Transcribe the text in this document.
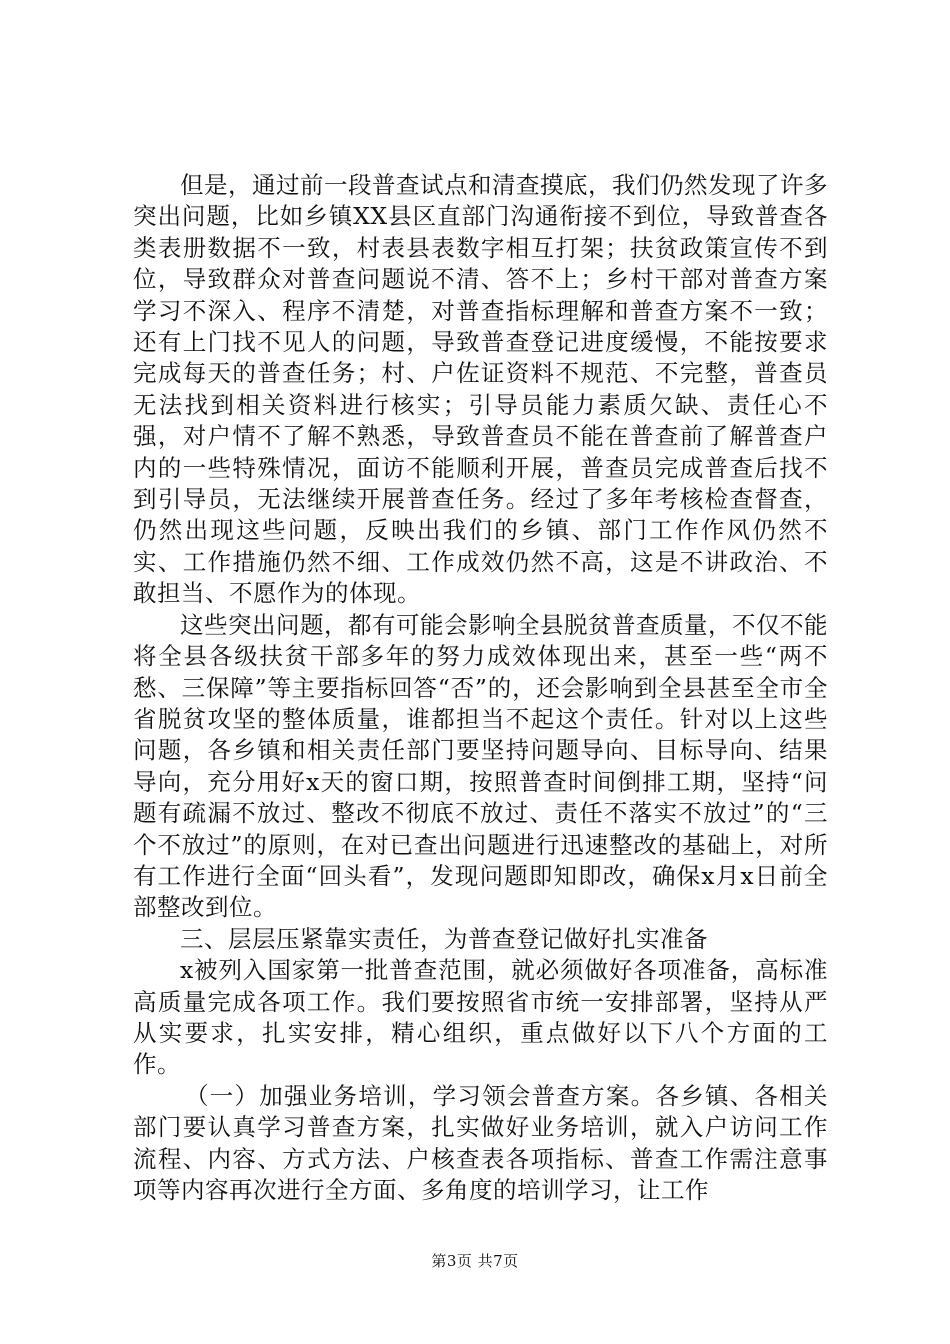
但是，通过前一段普查试点和清查摸底，我们仍然发现了许多突出问题，比如乡镇XX县区直部门沟通衔接不到位，导致普查各类表册数据不一致，村表县表数字相互打架；扶贫政策宣传不到位，导致群众对普查问题说不清、答不上；乡村干部对普查方案学习不深入、程序不清楚，对普查指标理解和普查方案不一致；还有上门找不见人的问题，导致普查登记进度缓慢，不能按要求完成每天的普查任务；村、户佐证资料不规范、不完整，普查员无法找到相关资料进行核实；引导员能力素质欠缺、责任心不强，对户情不了解不熟悉，导致普查员不能在普查前了解普查户内的一些特殊情况，面访不能顺利开展，普查员完成普查后找不到引导员，无法继续开展普查任务。经过了多年考核检查督查，仍然出现这些问题，反映出我们的乡镇、部门工作作风仍然不实、工作措施仍然不细、工作成效仍然不高，这是不讲政治、不敢担当、不愿作为的体现。

这些突出问题，都有可能会影响全县脱贫普查质量，不仅不能将全县各级扶贫干部多年的努力成效体现出来，甚至一些“两不愁、三保障”等主要指标回答“否”的，还会影响到全县甚至全市全省脱贫攻坚的整体质量，谁都担当不起这个责任。针对以上这些问题，各乡镇和相关责任部门要坚持问题导向、目标导向、结果导向，充分用好x天的窗口期，按照普查时间倒排工期，坚持“问题有疏漏不放过、整改不彻底不放过、责任不落实不放过”的“三个不放过”的原则，在对已查出问题进行迅速整改的基础上，对所有工作进行全面“回头看”，发现问题即知即改，确保x月x日前全部整改到位。

三、层层压紧靠实责任，为普查登记做好扎实准备

x被列入国家第一批普查范围，就必须做好各项准备，高标准高质量完成各项工作。我们要按照省市统一安排部署，坚持从严从实要求，扎实安排，精心组织，重点做好以下八个方面的工作。

（一）加强业务培训，学习领会普查方案。各乡镇、各相关部门要认真学习普查方案，扎实做好业务培训，就入户访问工作流程、内容、方式方法、户核查表各项指标、普查工作需注意事项等内容再次进行全方面、多角度的培训学习，让工作

第3页 共7页
